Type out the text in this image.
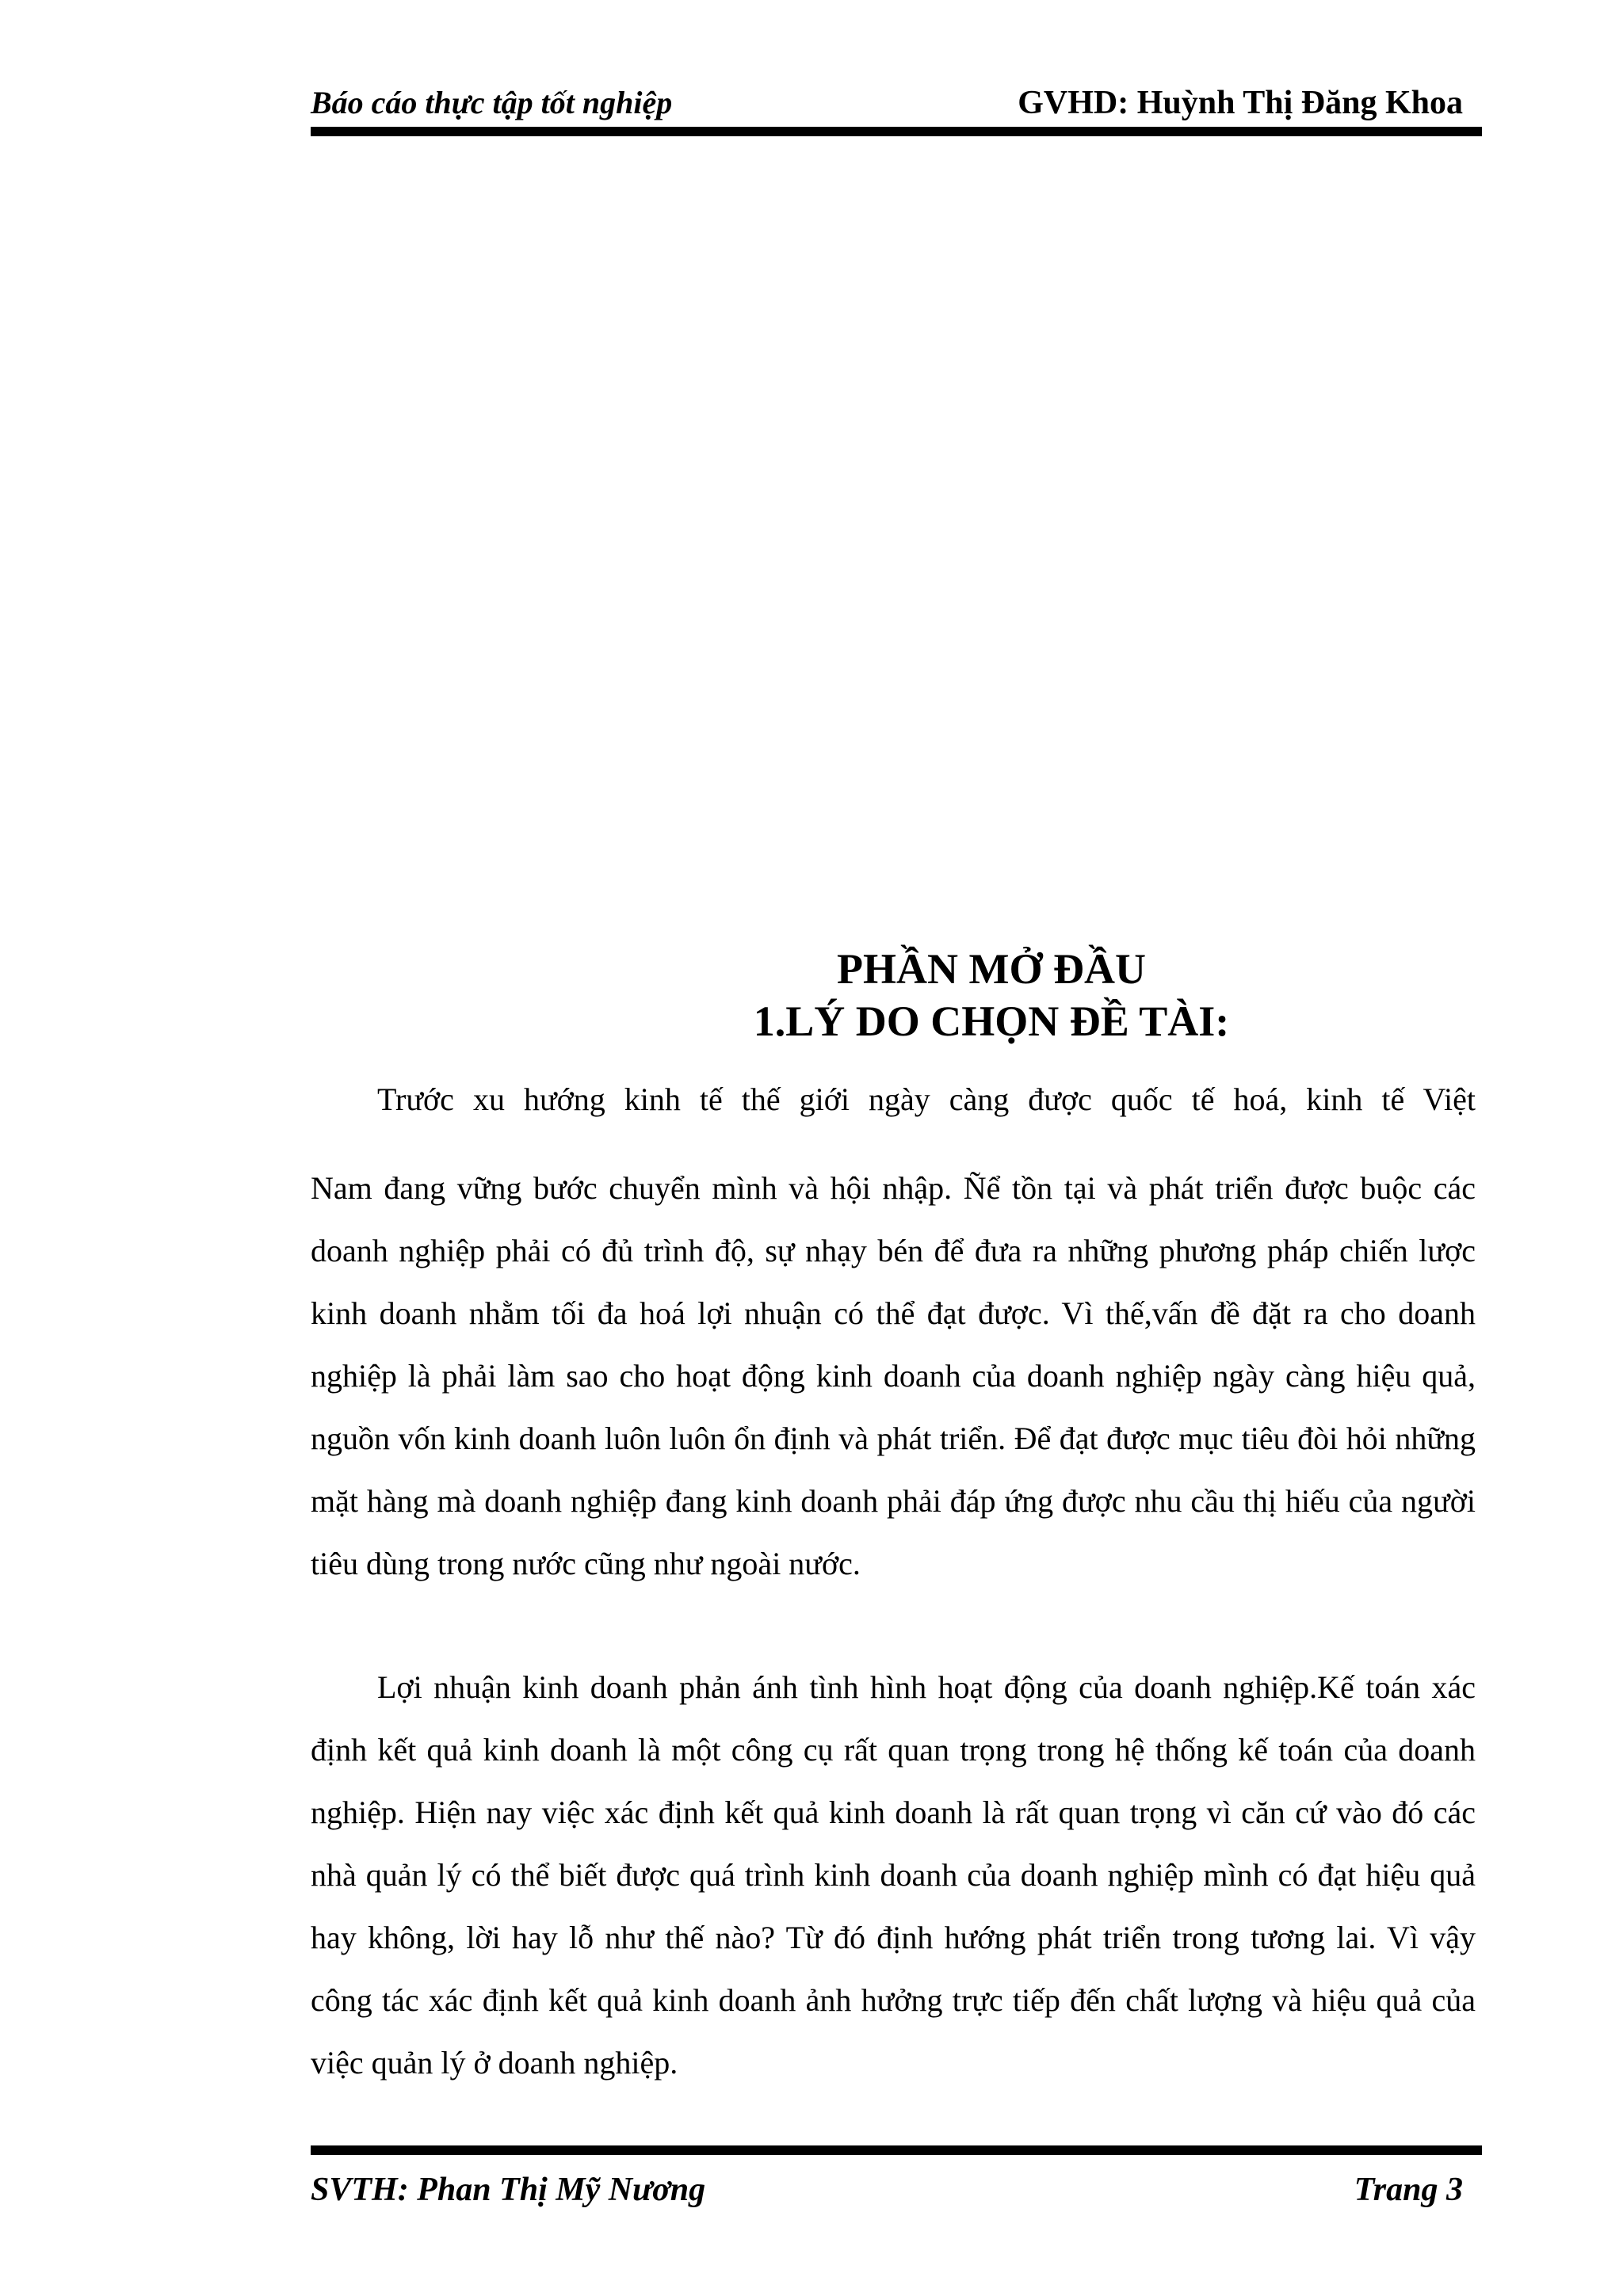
Báo cáo thực tập tốt nghiệp	GVHD: Huỳnh Thị Đăng Khoa
PHẦN MỞ ĐẦU
1.LÝ DO CHỌN ĐỀ TÀI:
Trước xu hướng kinh tế thế giới ngày càng được quốc tế hoá, kinh tế Việt
Nam đang vững bước chuyển mình và hội nhập. Ñể tồn tại và phát triển được buộc các doanh nghiệp phải có đủ trình độ, sự nhạy bén để đưa ra những phương pháp chiến lược kinh doanh nhằm tối đa hoá lợi nhuận có thể đạt được. Vì thế,vấn đề đặt ra cho doanh nghiệp là phải làm sao cho hoạt động kinh doanh của doanh nghiệp ngày càng hiệu quả, nguồn vốn kinh doanh luôn luôn ổn định và phát triển. Để đạt được mục tiêu đòi hỏi những mặt hàng mà doanh nghiệp đang kinh doanh phải đáp ứng được nhu cầu thị hiếu của người tiêu dùng trong nước cũng như ngoài nước.
Lợi nhuận kinh doanh phản ánh tình hình hoạt động của doanh nghiệp.Kế toán xác định kết quả kinh doanh là một công cụ rất quan trọng trong hệ thống kế toán của doanh nghiệp. Hiện nay việc xác định kết quả kinh doanh là rất quan trọng vì căn cứ vào đó các nhà quản lý có thể biết được quá trình kinh doanh của doanh nghiệp mình có đạt hiệu quả hay không, lời hay lỗ như thế nào? Từ đó định hướng phát triển trong tương lai. Vì vậy công tác xác định kết quả kinh doanh ảnh hưởng trực tiếp đến chất lượng và hiệu quả của việc quản lý ở doanh nghiệp.
SVTH: Phan Thị Mỹ Nương	Trang 3
